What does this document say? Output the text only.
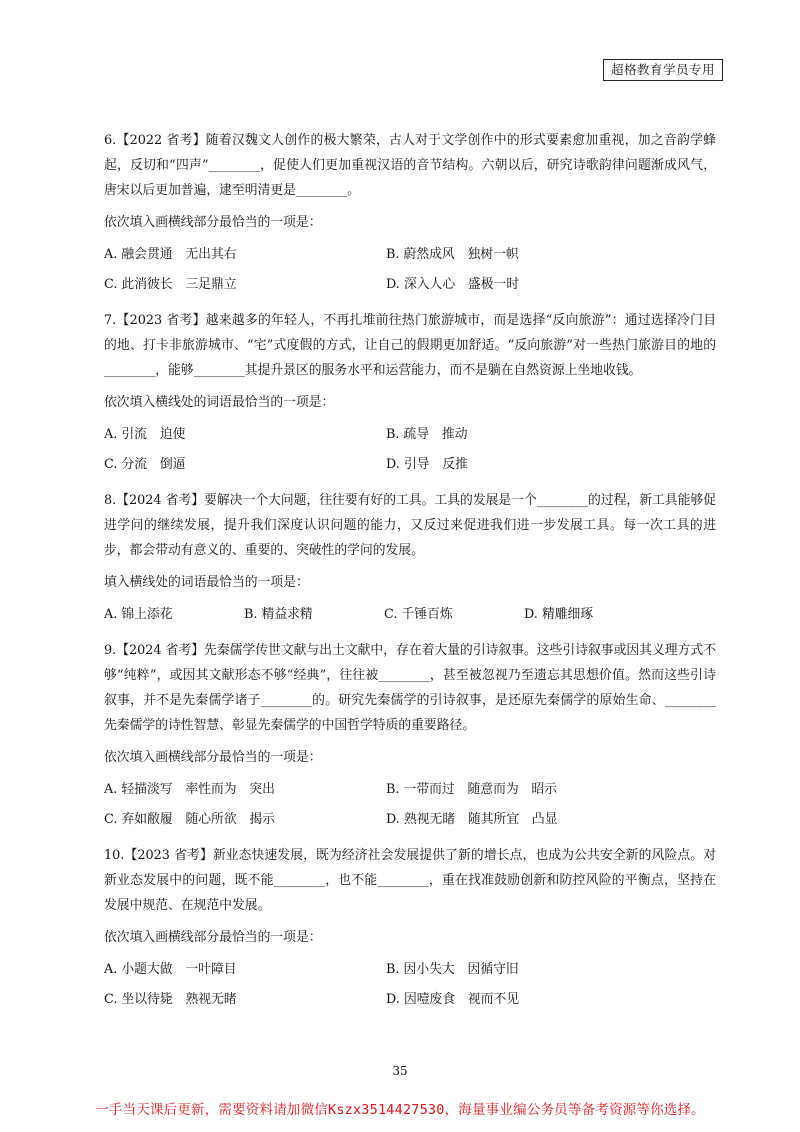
超格教育学员专用

6.【2022 省考】随着汉魏文人创作的极大繁荣，古人对于文学创作中的形式要素愈加重视，加之音韵学蜂起，反切和“四声”________，促使人们更加重视汉语的音节结构。六朝以后，研究诗歌韵律问题渐成风气，唐宋以后更加普遍，逮至明清更是________。

依次填入画横线部分最恰当的一项是：

A. 融会贯通　无出其右	B. 蔚然成风　独树一帜
C. 此消彼长　三足鼎立	D. 深入人心　盛极一时

7.【2023 省考】越来越多的年轻人，不再扎堆前往热门旅游城市，而是选择“反向旅游”：通过选择冷门目的地、打卡非旅游城市、“宅”式度假的方式，让自己的假期更加舒适。“反向旅游”对一些热门旅游目的地的________，能够________其提升景区的服务水平和运营能力，而不是躺在自然资源上坐地收钱。

依次填入横线处的词语最恰当的一项是：

A. 引流　迫使	B. 疏导　推动
C. 分流　倒逼	D. 引导　反推

8.【2024 省考】要解决一个大问题，往往要有好的工具。工具的发展是一个________的过程，新工具能够促进学问的继续发展，提升我们深度认识问题的能力，又反过来促进我们进一步发展工具。每一次工具的进步，都会带动有意义的、重要的、突破性的学问的发展。

填入横线处的词语最恰当的一项是：

A. 锦上添花	B. 精益求精	C. 千锤百炼	D. 精雕细琢

9.【2024 省考】先秦儒学传世文献与出土文献中，存在着大量的引诗叙事。这些引诗叙事或因其义理方式不够“纯粹”，或因其文献形态不够“经典”，往往被________，甚至被忽视乃至遗忘其思想价值。然而这些引诗叙事，并不是先秦儒学诸子________的。研究先秦儒学的引诗叙事，是还原先秦儒学的原始生命、________先秦儒学的诗性智慧、彰显先秦儒学的中国哲学特质的重要路径。

依次填入画横线部分最恰当的一项是：

A. 轻描淡写　率性而为　突出	B. 一带而过　随意而为　昭示
C. 弃如敝履　随心所欲　揭示	D. 熟视无睹　随其所宜　凸显

10.【2023 省考】新业态快速发展，既为经济社会发展提供了新的增长点，也成为公共安全新的风险点。对新业态发展中的问题，既不能________，也不能________，重在找准鼓励创新和防控风险的平衡点，坚持在发展中规范、在规范中发展。

依次填入画横线部分最恰当的一项是：

A. 小题大做　一叶障目	B. 因小失大　因循守旧
C. 坐以待毙　熟视无睹	D. 因噎废食　视而不见
35
一手当天课后更新，需要资料请加微信Kszx3514427530，海量事业编公务员等备考资源等你选择。
